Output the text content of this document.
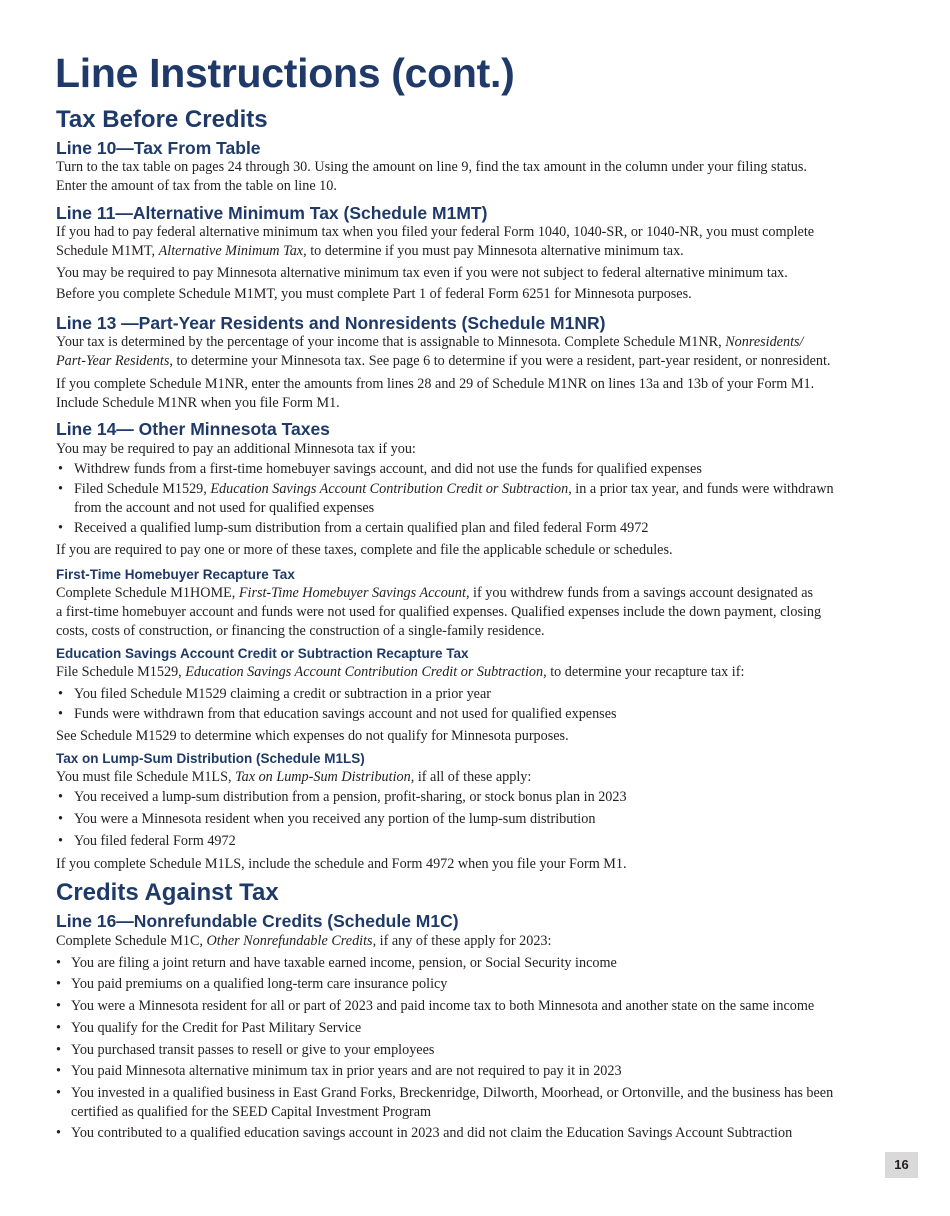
Line Instructions (cont.)
Tax Before Credits
Line 10—Tax From Table

Turn to the tax table on pages 24 through 30. Using the amount on line 9, find the tax amount in the column under your filing status.

Enter the amount of tax from the table on line 10.

Line 11—Alternative Minimum Tax (Schedule M1MT)

If you had to pay federal alternative minimum tax when you filed your federal Form 1040, 1040-SR, or 1040-NR, you must complete

Schedule M1MT, Alternative Minimum Tax, to determine if you must pay Minnesota alternative minimum tax.

You may be required to pay Minnesota alternative minimum tax even if you were not subject to federal alternative minimum tax.

Before you complete Schedule M1MT, you must complete Part 1 of federal Form 6251 for Minnesota purposes.

Line 13 —Part-Year Residents and Nonresidents (Schedule M1NR)

Your tax is determined by the percentage of your income that is assignable to Minnesota. Complete Schedule M1NR, Nonresidents/

Part-Year Residents, to determine your Minnesota tax. See page 6 to determine if you were a resident, part-year resident, or nonresident.

If you complete Schedule M1NR, enter the amounts from lines 28 and 29 of Schedule M1NR on lines 13a and 13b of your Form M1.

Include Schedule M1NR when you file Form M1.

Line 14— Other Minnesota Taxes

You may be required to pay an additional Minnesota tax if you:

• Withdrew funds from a first-time homebuyer savings account, and did not use the funds for qualified expenses

• Filed Schedule M1529, Education Savings Account Contribution Credit or Subtraction, in a prior tax year, and funds were withdrawn

from the account and not used for qualified expenses

• Received a qualified lump-sum distribution from a certain qualified plan and filed federal Form 4972

If you are required to pay one or more of these taxes, complete and file the applicable schedule or schedules.

First-Time Homebuyer Recapture Tax

Complete Schedule M1HOME, First-Time Homebuyer Savings Account, if you withdrew funds from a savings account designated as

a first-time homebuyer account and funds were not used for qualified expenses. Qualified expenses include the down payment, closing

costs, costs of construction, or financing the construction of a single-family residence.

Education Savings Account Credit or Subtraction Recapture Tax

File Schedule M1529, Education Savings Account Contribution Credit or Subtraction, to determine your recapture tax if:

• You filed Schedule M1529 claiming a credit or subtraction in a prior year

• Funds were withdrawn from that education savings account and not used for qualified expenses

See Schedule M1529 to determine which expenses do not qualify for Minnesota purposes.

Tax on Lump-Sum Distribution (Schedule M1LS)

You must file Schedule M1LS, Tax on Lump-Sum Distribution, if all of these apply:

• You received a lump-sum distribution from a pension, profit-sharing, or stock bonus plan in 2023

• You were a Minnesota resident when you received any portion of the lump-sum distribution

• You filed federal Form 4972

If you complete Schedule M1LS, include the schedule and Form 4972 when you file your Form M1.

Credits Against Tax
Line 16—Nonrefundable Credits (Schedule M1C)

Complete Schedule M1C, Other Nonrefundable Credits, if any of these apply for 2023:

• You are filing a joint return and have taxable earned income, pension, or Social Security income

• You paid premiums on a qualified long-term care insurance policy

• You were a Minnesota resident for all or part of 2023 and paid income tax to both Minnesota and another state on the same income

• You qualify for the Credit for Past Military Service

• You purchased transit passes to resell or give to your employees

• You paid Minnesota alternative minimum tax in prior years and are not required to pay it in 2023

• You invested in a qualified business in East Grand Forks, Breckenridge, Dilworth, Moorhead, or Ortonville, and the business has been

certified as qualified for the SEED Capital Investment Program

• You contributed to a qualified education savings account in 2023 and did not claim the Education Savings Account Subtraction

16
